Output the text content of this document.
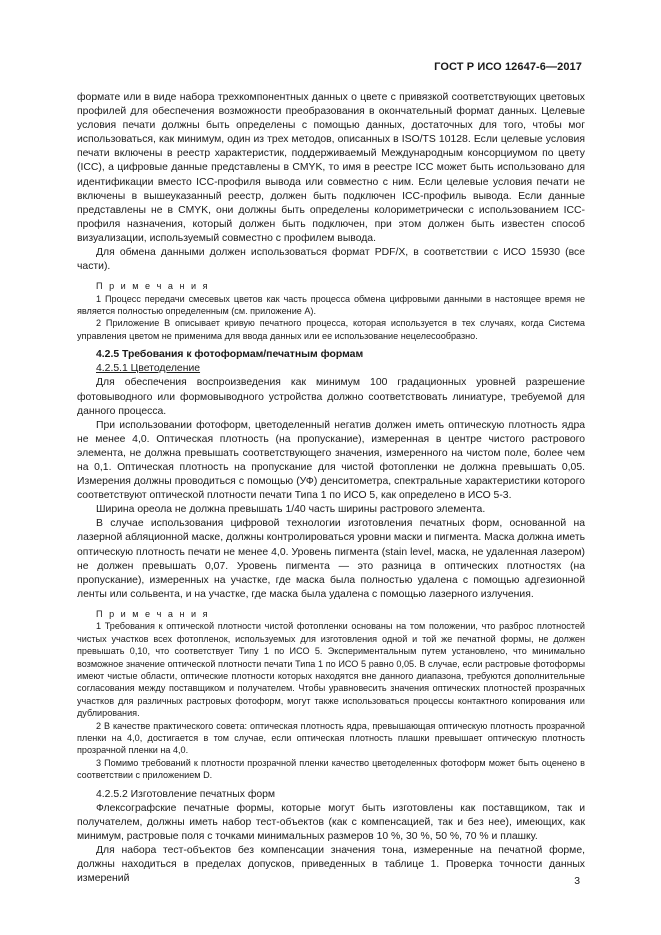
ГОСТ Р ИСО 12647-6—2017

формате или в виде набора трехкомпонентных данных о цвете с привязкой соответствующих цветовых профилей для обеспечения возможности преобразования в окончательный формат данных. Целевые условия печати должны быть определены с помощью данных, достаточных для того, чтобы мог использоваться, как минимум, один из трех методов, описанных в ISO/TS 10128. Если целевые условия печати включены в реестр характеристик, поддерживаемый Международным консорциумом по цвету (ICC), а цифровые данные представлены в CMYK, то имя в реестре ICC может быть использовано для идентификации вместо ICC-профиля вывода или совместно с ним. Если целевые условия печати не включены в вышеуказанный реестр, должен быть подключен ICC-профиль вывода. Если данные представлены не в CMYK, они должны быть определены колориметрически с использованием ICC-профиля назначения, который должен быть подключен, при этом должен быть известен способ визуализации, используемый совместно с профилем вывода.

Для обмена данными должен использоваться формат PDF/X, в соответствии с ИСО 15930 (все части).

П р и м е ч а н и я

1 Процесс передачи смесевых цветов как часть процесса обмена цифровыми данными в настоящее время не является полностью определенным (см. приложение А).

2 Приложение В описывает кривую печатного процесса, которая используется в тех случаях, когда Система управления цветом не применима для ввода данных или ее использование нецелесообразно.

4.2.5 Требования к фотоформам/печатным формам

4.2.5.1 Цветоделение

Для обеспечения воспроизведения как минимум 100 градационных уровней разрешение фотовыводного или формовыводного устройства должно соответствовать линиатуре, требуемой для данного процесса.

При использовании фотоформ, цветоделенный негатив должен иметь оптическую плотность ядра не менее 4,0. Оптическая плотность (на пропускание), измеренная в центре чистого растрового элемента, не должна превышать соответствующего значения, измеренного на чистом поле, более чем на 0,1. Оптическая плотность на пропускание для чистой фотопленки не должна превышать 0,05. Измерения должны проводиться с помощью (УФ) денситометра, спектральные характеристики которого соответствуют оптической плотности печати Типа 1 по ИСО 5, как определено в ИСО 5-3.

Ширина ореола не должна превышать 1/40 часть ширины растрового элемента.

В случае использования цифровой технологии изготовления печатных форм, основанной на лазерной абляционной маске, должны контролироваться уровни маски и пигмента. Маска должна иметь оптическую плотность печати не менее 4,0. Уровень пигмента (stain level, маска, не удаленная лазером) не должен превышать 0,07. Уровень пигмента — это разница в оптических плотностях (на пропускание), измеренных на участке, где маска была полностью удалена с помощью адгезионной ленты или сольвента, и на участке, где маска была удалена с помощью лазерного излучения.

П р и м е ч а н и я

1 Требования к оптической плотности чистой фотопленки основаны на том положении, что разброс плотностей чистых участков всех фотопленок, используемых для изготовления одной и той же печатной формы, не должен превышать 0,10, что соответствует Типу 1 по ИСО 5. Экспериментальным путем установлено, что минимально возможное значение оптической плотности печати Типа 1 по ИСО 5 равно 0,05. В случае, если растровые фотоформы имеют чистые области, оптические плотности которых находятся вне данного диапазона, требуются дополнительные согласования между поставщиком и получателем. Чтобы уравновесить значения оптических плотностей прозрачных участков для различных растровых фотоформ, могут также использоваться процессы контактного копирования или дублирования.

2 В качестве практического совета: оптическая плотность ядра, превышающая оптическую плотность прозрачной пленки на 4,0, достигается в том случае, если оптическая плотность плашки превышает оптическую плотность прозрачной пленки на 4,0.

3 Помимо требований к плотности прозрачной пленки качество цветоделенных фотоформ может быть оценено в соответствии с приложением D.

4.2.5.2 Изготовление печатных форм

Флексографские печатные формы, которые могут быть изготовлены как поставщиком, так и получателем, должны иметь набор тест-объектов (как с компенсацией, так и без нее), имеющих, как минимум, растровые поля с точками минимальных размеров 10 %, 30 %, 50 %, 70 % и плашку.

Для набора тест-объектов без компенсации значения тона, измеренные на печатной форме, должны находиться в пределах допусков, приведенных в таблице 1. Проверка точности данных измерений	3
